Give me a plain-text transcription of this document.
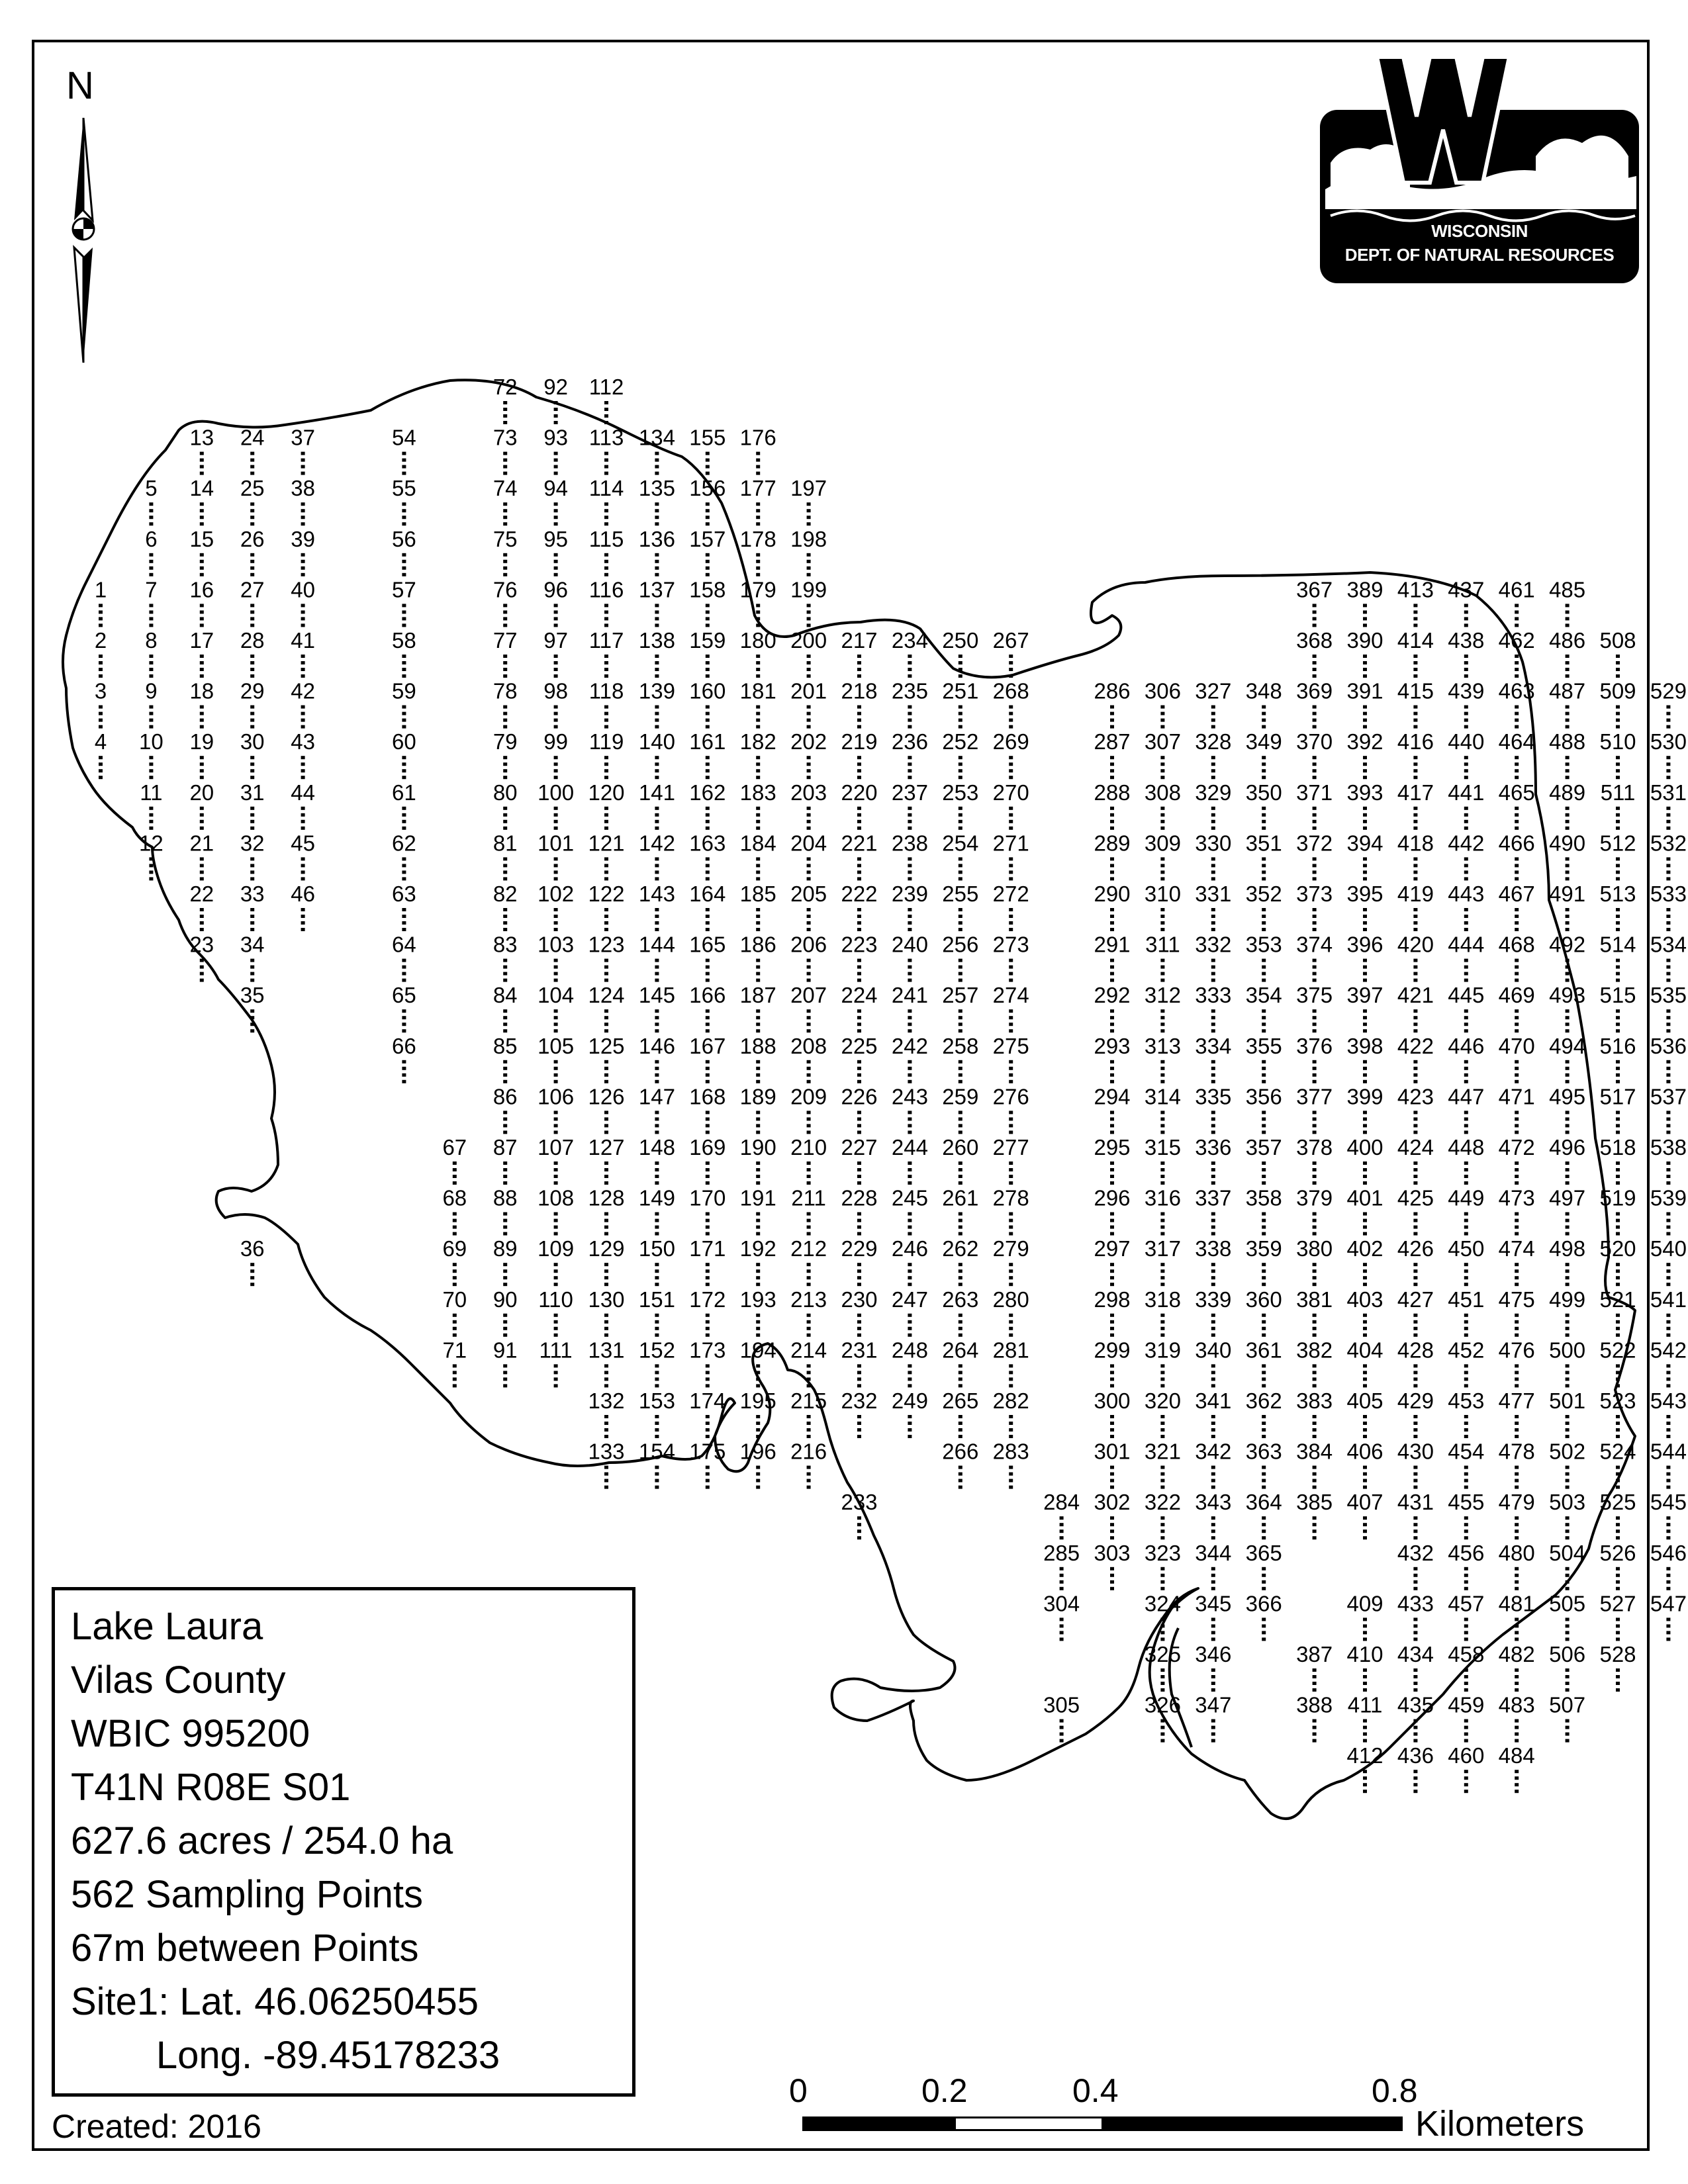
N
WISCONSIN
DEPT. OF NATURAL RESOURCES
1
2
3
4
5
6
7
8
9
10
11
12
13
14
15
16
17
18
19
20
21
22
23
24
25
26
27
28
29
30
31
32
33
34
35
36
37
38
39
40
41
42
43
44
45
46
54
55
56
57
58
59
60
61
62
63
64
65
66
67
68
69
70
71
72
73
74
75
76
77
78
79
80
81
82
83
84
85
86
87
88
89
90
91
92
93
94
95
96
97
98
99
100
101
102
103
104
105
106
107
108
109
110
111
112
113
114
115
116
117
118
119
120
121
122
123
124
125
126
127
128
129
130
131
132
133
134
135
136
137
138
139
140
141
142
143
144
145
146
147
148
149
150
151
152
153
154
155
156
157
158
159
160
161
162
163
164
165
166
167
168
169
170
171
172
173
174
175
176
177
178
179
180
181
182
183
184
185
186
187
188
189
190
191
192
193
194
195
196
197
198
199
200
201
202
203
204
205
206
207
208
209
210
211
212
213
214
215
216
217
218
219
220
221
222
223
224
225
226
227
228
229
230
231
232
233
234
235
236
237
238
239
240
241
242
243
244
245
246
247
248
249
250
251
252
253
254
255
256
257
258
259
260
261
262
263
264
265
266
267
268
269
270
271
272
273
274
275
276
277
278
279
280
281
282
283
284
285
304
305
286
287
288
289
290
291
292
293
294
295
296
297
298
299
300
301
302
303
306
307
308
309
310
311
312
313
314
315
316
317
318
319
320
321
322
323
324
325
326
327
328
329
330
331
332
333
334
335
336
337
338
339
340
341
342
343
344
345
346
347
348
349
350
351
352
353
354
355
356
357
358
359
360
361
362
363
364
365
366
367
368
369
370
371
372
373
374
375
376
377
378
379
380
381
382
383
384
385
387
388
389
390
391
392
393
394
395
396
397
398
399
400
401
402
403
404
405
406
407
409
410
411
412
413
414
415
416
417
418
419
420
421
422
423
424
425
426
427
428
429
430
431
432
433
434
435
436
437
438
439
440
441
442
443
444
445
446
447
448
449
450
451
452
453
454
455
456
457
458
459
460
461
462
463
464
465
466
467
468
469
470
471
472
473
474
475
476
477
478
479
480
481
482
483
484
485
486
487
488
489
490
491
492
493
494
495
496
497
498
499
500
501
502
503
504
505
506
507
508
509
510
511
512
513
514
515
516
517
518
519
520
521
522
523
524
525
526
527
528
529
530
531
532
533
534
535
536
537
538
539
540
541
542
543
544
545
546
547
Lake Laura
Vilas County
WBIC 995200
T41N R08E S01
627.6 acres / 254.0 ha
562 Sampling Points
67m between Points
Site1: Lat. 46.06250455
Long. -89.45178233
Created: 2016
0	0.2	0.4	0.8
Kilometers
